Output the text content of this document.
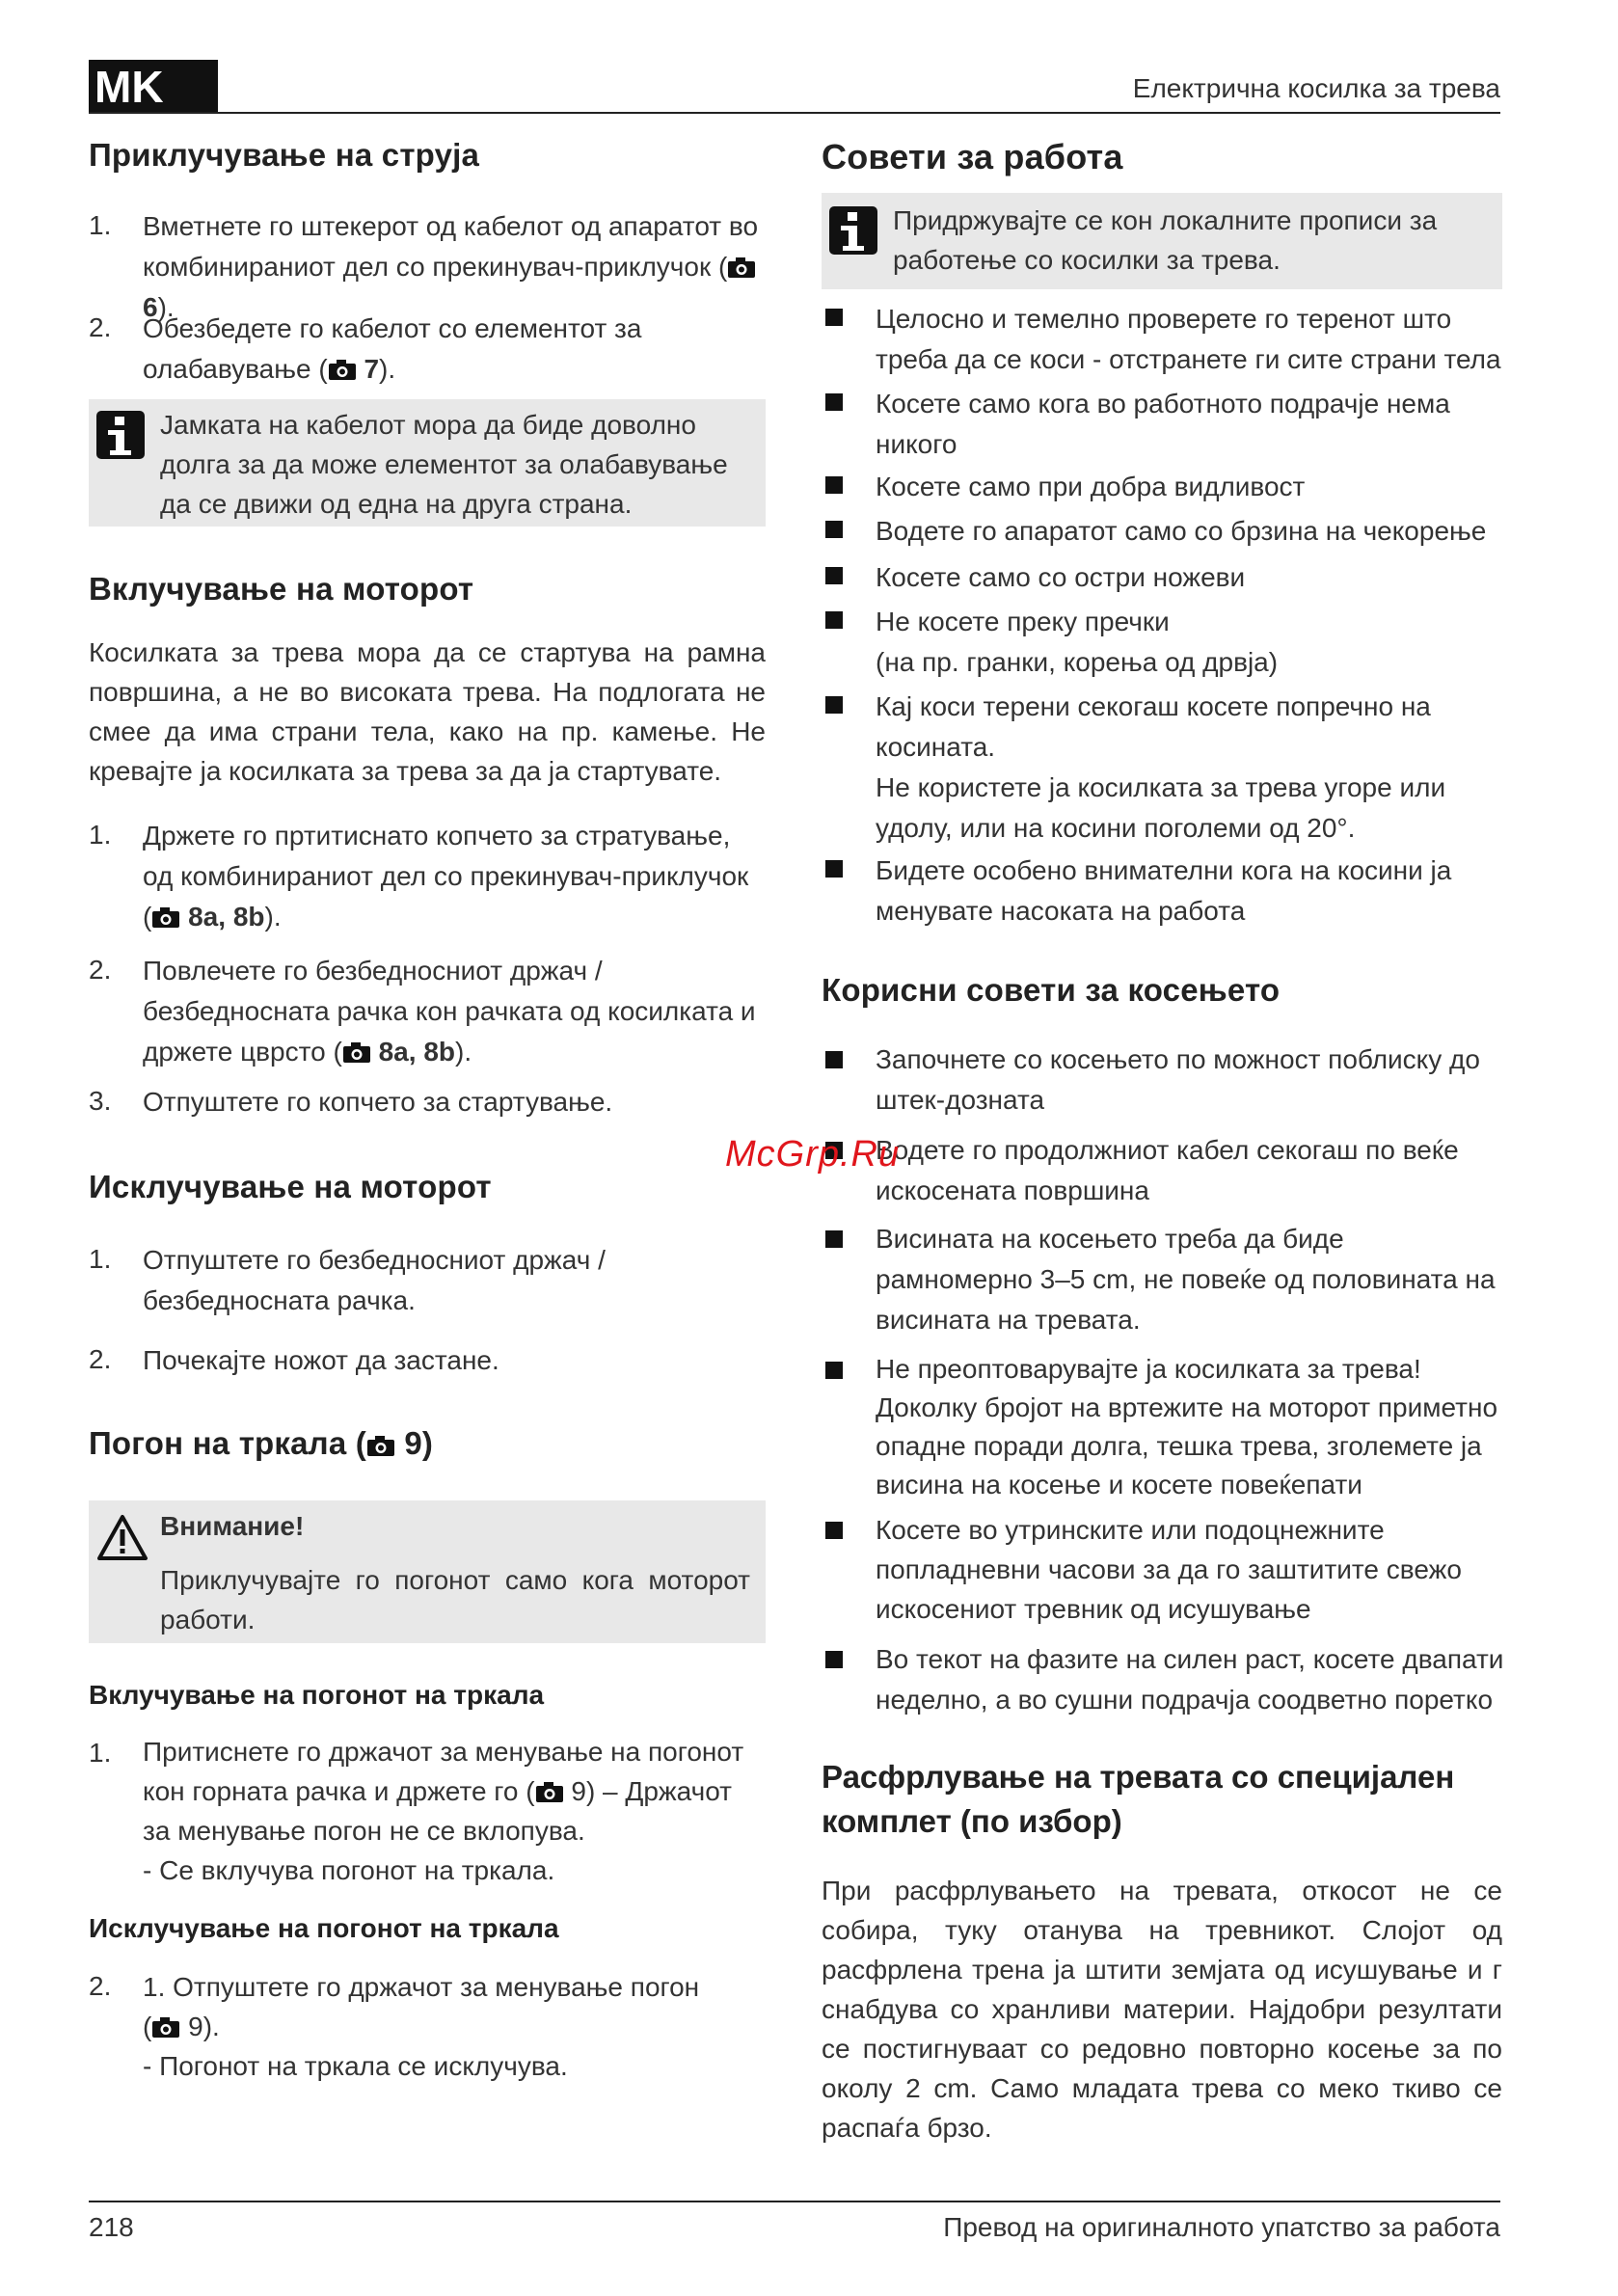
MK	Електрична косилка за трева
Приклучување на струја
1. Вметнете го штекерот од кабелот од апаратот во
комбинираниот дел со прекинувач-приклучок ( 6).
2. Обезбедете го кабелот со елементот за
олабавување ( 7).
Јамката на кабелот мора да биде доволно
долга за да може елементот за олабавување
да се движи од една на друга страна.
Вклучување на моторот
Косилката за трева мора да се стартува на рамна површина, а не во високата трева. На подлогата не смее да има страни тела, како на пр. камење. Не кревајте ја косилката за трева за да ја стартувате.
1. Држете го пртитиснато копчето за стратување,
од комбинираниот дел со прекинувач-приклучок
( 8a, 8b).
2. Повлечете го безбедносниот држач /
безбедносната рачка кон рачката од косилката и
држете цврсто ( 8a, 8b).
3. Отпуштете го копчето за стартување.
Исклучување на моторот
1. Отпуштете го безбедносниот држач /
безбедносната рачка.
2. Почекајте ножот да застане.
Погон на тркала ( 9)
Внимание!
Приклучувајте го погонот само кога моторот
работи.
Вклучување на погонот на тркала
1. Притиснете го држачот за менување на погонот
кон горната рачка и држете го ( 9) – Држачот
за менување погон не се вклопува.
- Се вклучува погонот на тркала.
Исклучување на погонот на тркала
2. 1. Отпуштете го држачот за менување погон
( 9).
- Погонот на тркала се исклучува.
Совети за работа
Придржувајте се кон локалните прописи за
работење со косилки за трева.
Целосно и темелно проверете го теренот што
треба да се коси - отстранете ги сите страни тела
Косете само кога во работното подрачје нема
никого
Косете само при добра видливост
Водете го апаратот само со брзина на чекорење
Косете само со остри ножеви
Не косете преку пречки
(на пр. гранки, корења од дрвја)
Кај коси терени секогаш косете попречно на
косината.
Не користете ја косилката за трева угоре или
удолу, или на косини поголеми од 20°.
Бидете особено внимателни кога на косини ја
менувате насоката на работа
Корисни совети за косењето
Започнете со косењето по можност поблиску до
штек-дозната
Водете го продолжниот кабел секогаш по веќе
искосената површина
Висината на косењето треба да биде
рамномерно 3–5 cm, не повеќе од половината на
висината на тревата.
Не преоптоварувајте ја косилката за трева!
Доколку бројот на вртежите на моторот приметно
опадне поради долга, тешка трева, зголемете ја
висина на косење и косете повеќепати
Косете во утринските или подоцнежните
попладневни часови за да го заштитите свежо
искосениот тревник од исушување
Во текот на фазите на силен раст, косете двапати
неделно, а во сушни подрачја соодветно поретко
Расфрлување на тревата со специјален
комплет (по избор)
При расфрлувањето на тревата, откосот не се собира, туку отанува на тревникот. Слојот од расфрлена трена ја штити земјата од исушување и г снабдува со хранливи материи. Најдобри резултати се постигнуваат со редовно повторно косење за по околу 2 cm. Само младата трева со меко ткиво се распаѓа брзо.
McGrp.Ru
218	Превод на оригиналното упатство за работа
